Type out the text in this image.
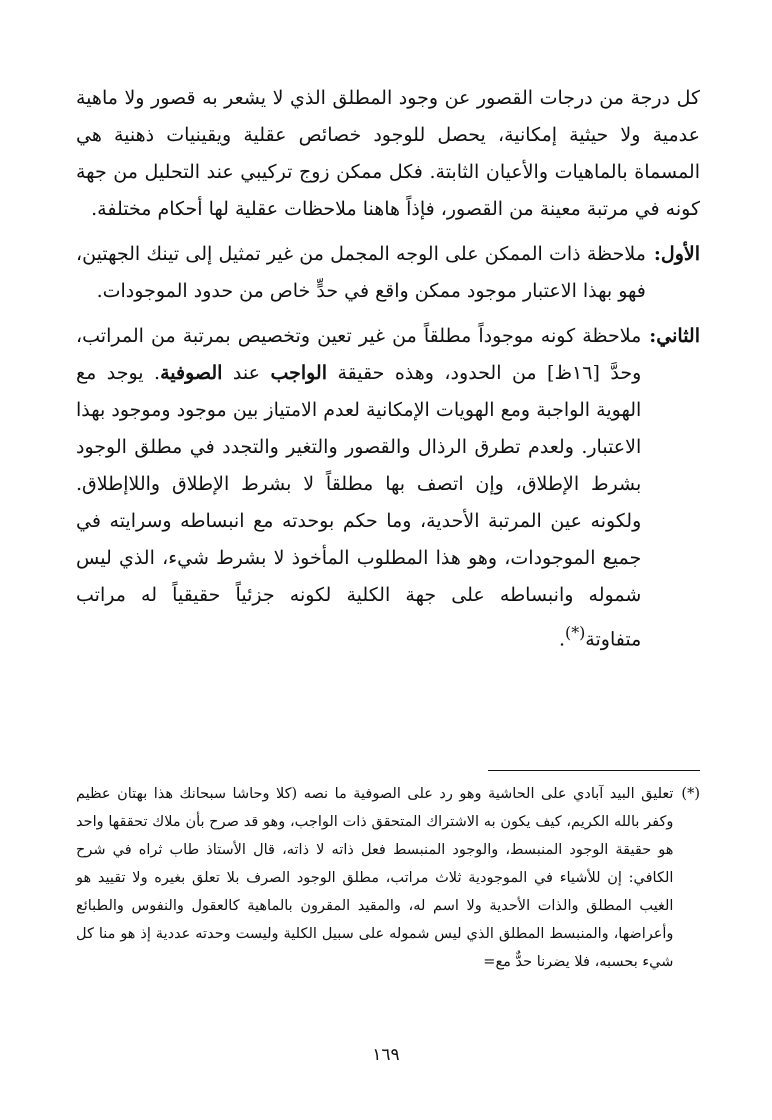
كل درجة من درجات القصور عن وجود المطلق الذي لا يشعر به قصور ولا ماهية عدمية ولا حيثية إمكانية، يحصل للوجود خصائص عقلية ويقينيات ذهنية هي المسماة بالماهيات والأعيان الثابتة. فكل ممكن زوج تركيبي عند التحليل من جهة كونه في مرتبة معينة من القصور، فإذاً هاهنا ملاحظات عقلية لها أحكام مختلفة.

الأول:
ملاحظة ذات الممكن على الوجه المجمل من غير تمثيل إلى تينك الجهتين، فهو بهذا الاعتبار موجود ممكن واقع في حدٍّ خاص من حدود الموجودات.
الثاني:
ملاحظة كونه موجوداً مطلقاً من غير تعين وتخصيص بمرتبة من المراتب، وحدَّ [١٦ظ] من الحدود، وهذه حقيقة الواجب عند الصوفية. يوجد مع الهوية الواجبة ومع الهويات الإمكانية لعدم الامتياز بين موجود وموجود بهذا الاعتبار. ولعدم تطرق الرذال والقصور والتغير والتجدد في مطلق الوجود بشرط الإطلاق، وإن اتصف بها مطلقاً لا بشرط الإطلاق واللاإطلاق. ولكونه عين المرتبة الأحدية، وما حكم بوحدته مع انبساطه وسرايته في جميع الموجودات، وهو هذا المطلوب المأخوذ لا بشرط شيء، الذي ليس شموله وانبساطه على جهة الكلية لكونه جزئياً حقيقياً له مراتب متفاوتة(*).
(*)
تعليق البيد آبادي على الحاشية وهو رد على الصوفية ما نصه (كلا وحاشا سبحانك هذا بهتان عظيم وكفر بالله الكريم، كيف يكون به الاشتراك المتحقق ذات الواجب، وهو قد صرح بأن ملاك تحققها واحد هو حقيقة الوجود المنبسط، والوجود المنبسط فعل ذاته لا ذاته، قال الأستاذ طاب ثراه في شرح الكافي: إن للأشياء في الموجودية ثلاث مراتب، مطلق الوجود الصرف بلا تعلق بغيره ولا تقييد هو الغيب المطلق والذات الأحدية ولا اسم له، والمقيد المقرون بالماهية كالعقول والنفوس والطبائع وأعراضها، والمنبسط المطلق الذي ليس شموله على سبيل الكلية وليست وحدته عددية إذ هو منا كل شيء بحسبه، فلا يضرنا حدٌّ مع=
١٦٩
